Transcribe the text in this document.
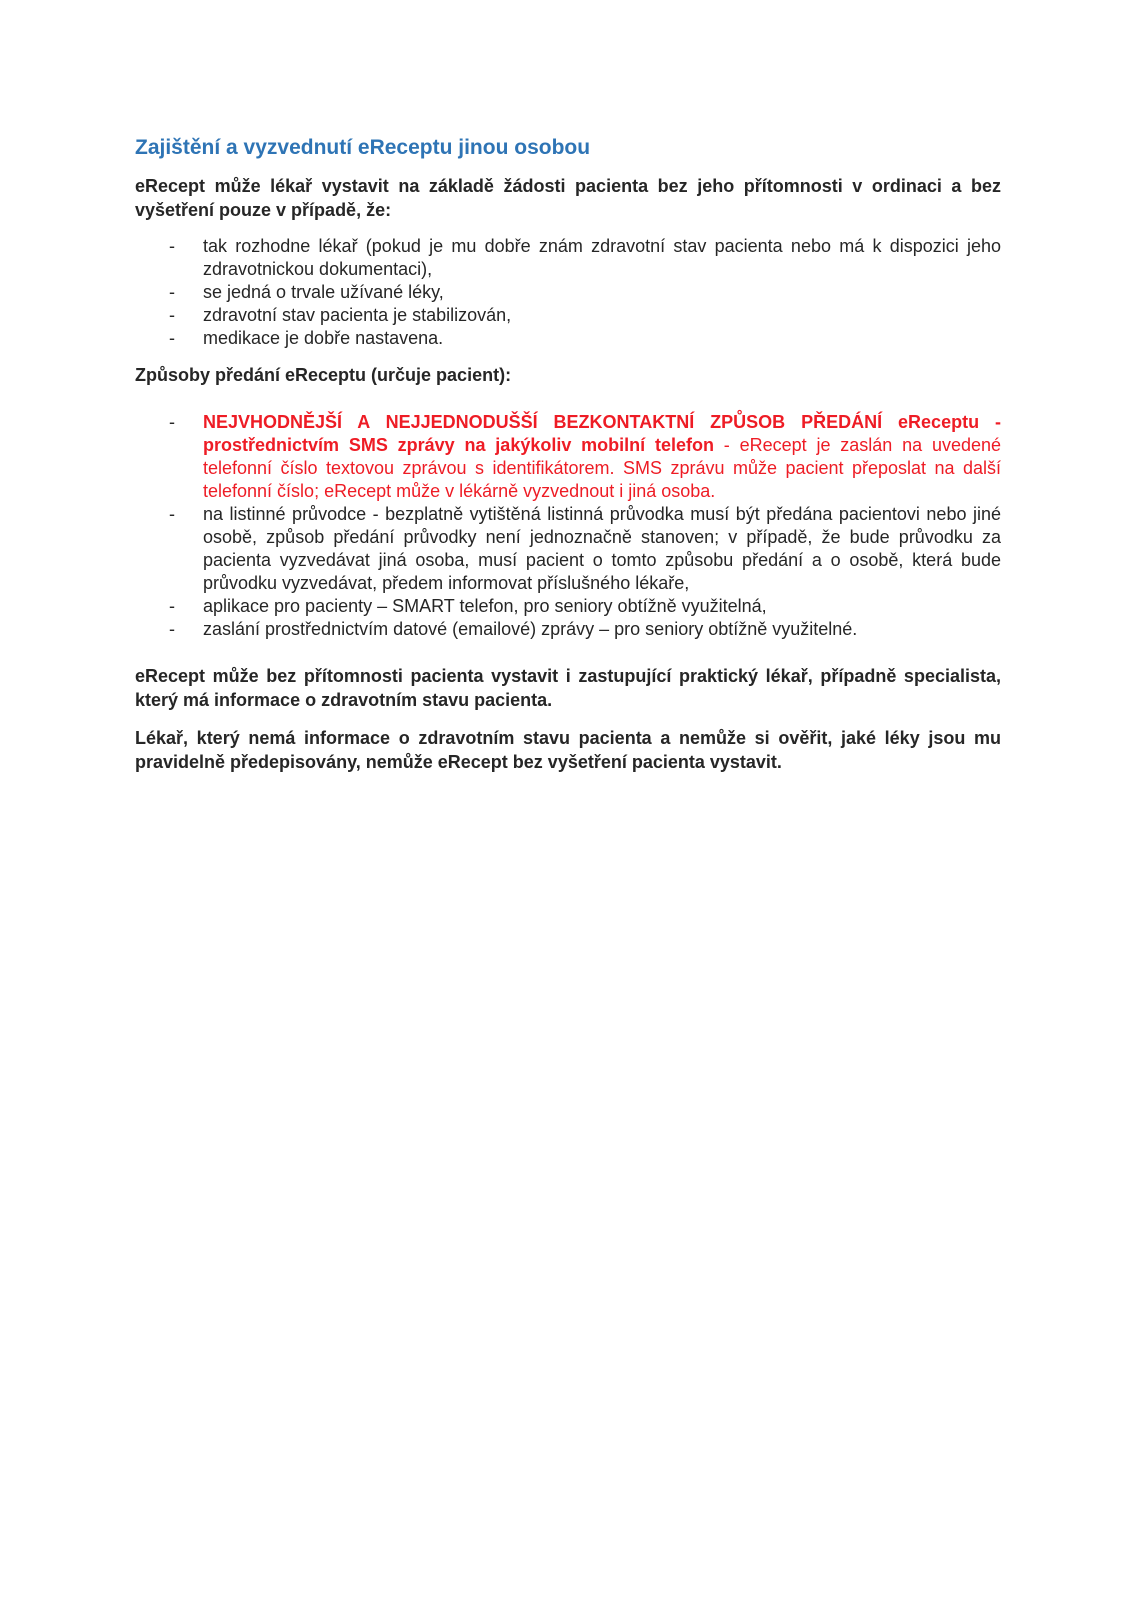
Zajištění a vyzvednutí eReceptu jinou osobou

eRecept může lékař vystavit na základě žádosti pacienta bez jeho přítomnosti v ordinaci a bez vyšetření pouze v případě, že:

- tak rozhodne lékař (pokud je mu dobře znám zdravotní stav pacienta nebo má k dispozici jeho zdravotnickou dokumentaci),
- se jedná o trvale užívané léky,
- zdravotní stav pacienta je stabilizován,
- medikace je dobře nastavena.

Způsoby předání eReceptu (určuje pacient):

- NEJVHODNĚJŠÍ A NEJJEDNODUŠŠÍ BEZKONTAKTNÍ ZPŮSOB PŘEDÁNÍ eReceptu - prostřednictvím SMS zprávy na jakýkoliv mobilní telefon - eRecept je zaslán na uvedené telefonní číslo textovou zprávou s identifikátorem. SMS zprávu může pacient přeposlat na další telefonní číslo; eRecept může v lékárně vyzvednout i jiná osoba.
- na listinné průvodce - bezplatně vytištěná listinná průvodka musí být předána pacientovi nebo jiné osobě, způsob předání průvodky není jednoznačně stanoven; v případě, že bude průvodku za pacienta vyzvedávat jiná osoba, musí pacient o tomto způsobu předání a o osobě, která bude průvodku vyzvedávat, předem informovat příslušného lékaře,
- aplikace pro pacienty – SMART telefon, pro seniory obtížně využitelná,
- zaslání prostřednictvím datové (emailové) zprávy – pro seniory obtížně využitelné.

eRecept může bez přítomnosti pacienta vystavit i zastupující praktický lékař, případně specialista, který má informace o zdravotním stavu pacienta.

Lékař, který nemá informace o zdravotním stavu pacienta a nemůže si ověřit, jaké léky jsou mu pravidelně předepisovány, nemůže eRecept bez vyšetření pacienta vystavit.
